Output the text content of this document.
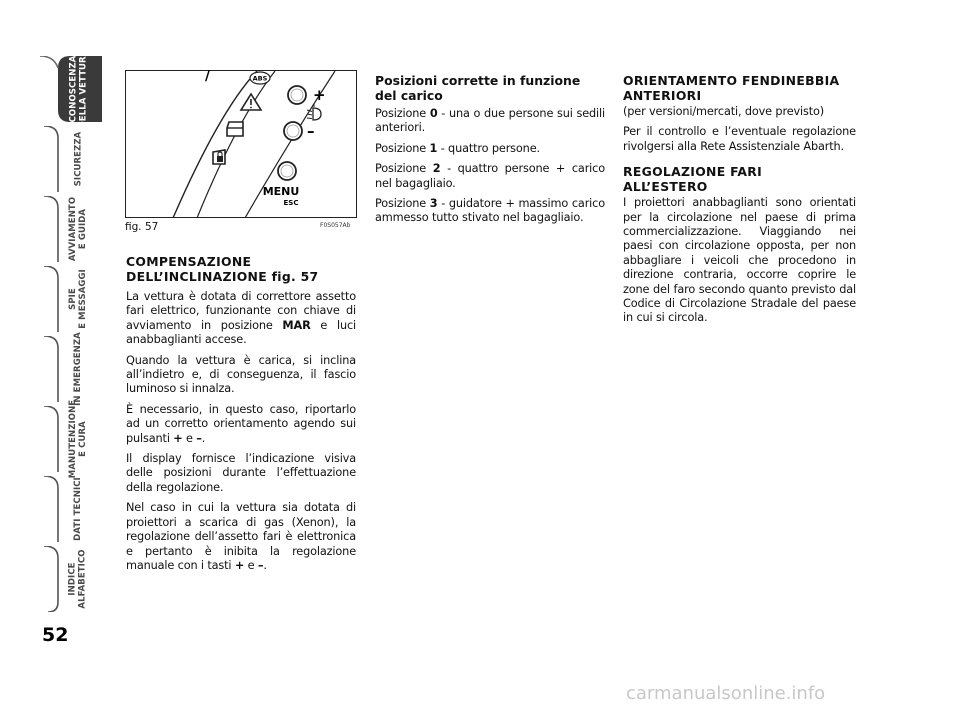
CONOSCENZA
DELLA VETTURA
SICUREZZA
AVVIAMENTO
E GUIDA
SPIE
E MESSAGGI
IN EMERGENZA
MANUTENZIONE
E CURA
DATI TECNICI
INDICE
ALFABETICO
52
ABS
/
+
–
MENU
ESC
fig. 57	F0S057Ab
COMPENSAZIONE
DELL’INCLINAZIONE fig. 57

La vettura è dotata di correttore assetto fari elettrico, funzionante con chiave di avviamento in posizione MAR e luci anabbaglianti accese.

Quando la vettura è carica, si inclina all’indietro e, di conseguenza, il fascio luminoso si innalza.

È necessario, in questo caso, riportarlo ad un corretto orientamento agendo sui pulsanti + e –.

Il display fornisce l’indicazione visiva delle posizioni durante l’effettuazione della regolazione.

Nel caso in cui la vettura sia dotata di proiettori a scarica di gas (Xenon), la regolazione dell’assetto fari è elettronica e pertanto è inibita la regolazione manuale con i tasti + e –.

Posizioni corrette in funzione
del carico

Posizione 0 - una o due persone sui sedili anteriori.

Posizione 1 - quattro persone.

Posizione 2 - quattro persone + carico nel bagagliaio.

Posizione 3 - guidatore + massimo carico ammesso tutto stivato nel bagagliaio.

ORIENTAMENTO FENDINEBBIA
ANTERIORI

(per versioni/mercati, dove previsto)

Per il controllo e l’eventuale regolazione rivolgersi alla Rete Assistenziale Abarth.

REGOLAZIONE FARI
ALL’ESTERO

I proiettori anabbaglianti sono orientati per la circolazione nel paese di prima commercializzazione. Viaggiando nei paesi con circolazione opposta, per non abbagliare i veicoli che procedono in direzione contraria, occorre coprire le zone del faro secondo quanto previsto dal Codice di Circolazione Stradale del paese in cui si circola.

carmanualsonline.info
